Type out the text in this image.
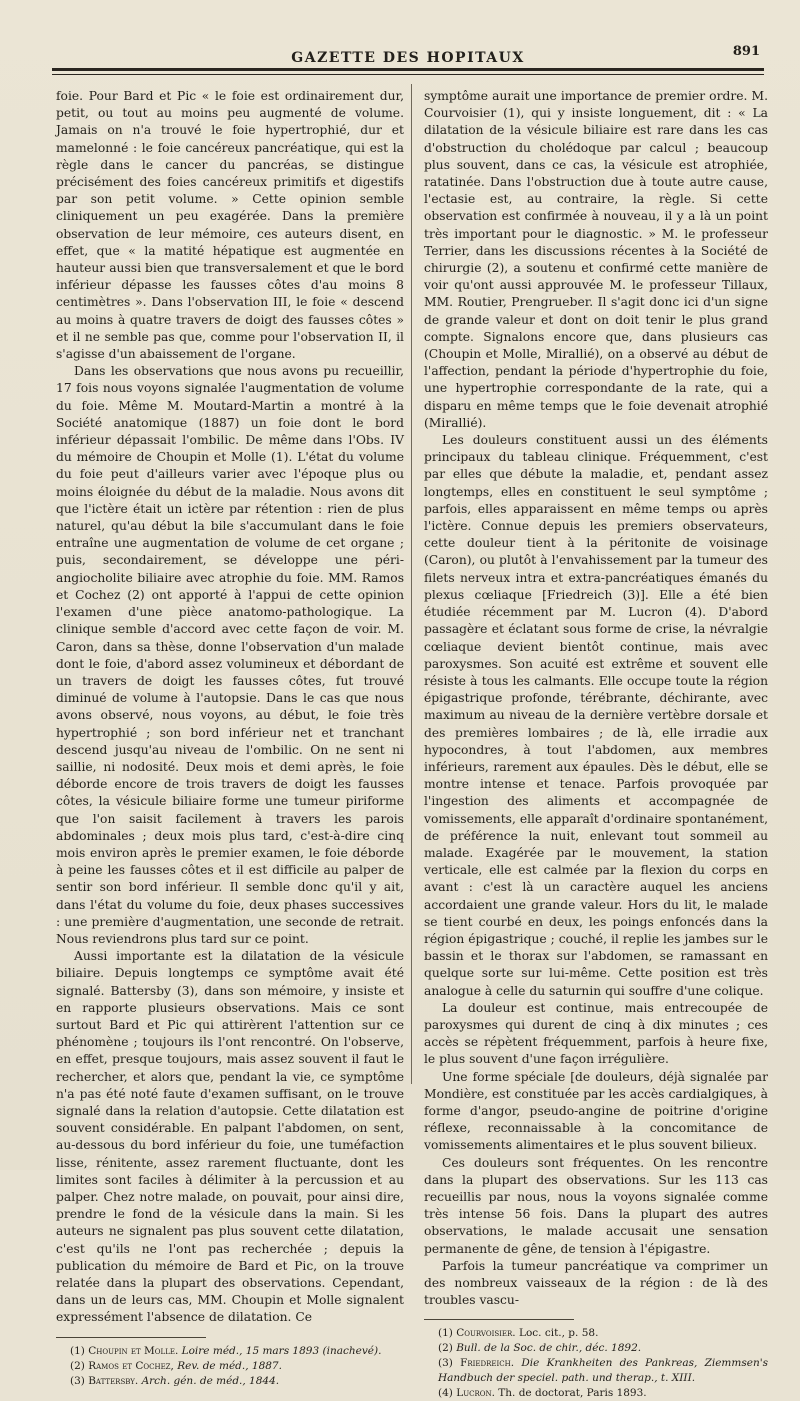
GAZETTE DES HOPITAUX	891

foie. Pour Bard et Pic « le foie est ordinairement dur, petit, ou tout au moins peu augmenté de volume. Jamais on n'a trouvé le foie hypertrophié, dur et mamelonné : le foie cancéreux pancréatique, qui est la règle dans le cancer du pancréas, se distingue précisément des foies cancéreux primitifs et digestifs par son petit volume. » Cette opinion semble cliniquement un peu exagérée. Dans la première observation de leur mémoire, ces auteurs disent, en effet, que « la matité hépatique est augmentée en hauteur aussi bien que transversalement et que le bord inférieur dépasse les fausses côtes d'au moins 8 centimètres ». Dans l'observation III, le foie « descend au moins à quatre travers de doigt des fausses côtes » et il ne semble pas que, comme pour l'observation II, il s'agisse d'un abaissement de l'organe.

Dans les observations que nous avons pu recueillir, 17 fois nous voyons signalée l'augmentation de volume du foie. Même M. Moutard-Martin a montré à la Société anatomique (1887) un foie dont le bord inférieur dépassait l'ombilic. De même dans l'Obs. IV du mémoire de Choupin et Molle (1). L'état du volume du foie peut d'ailleurs varier avec l'époque plus ou moins éloignée du début de la maladie. Nous avons dit que l'ictère était un ictère par rétention : rien de plus naturel, qu'au début la bile s'accumulant dans le foie entraîne une augmentation de volume de cet organe ; puis, secondairement, se développe une péri-angiocholite biliaire avec atrophie du foie. MM. Ramos et Cochez (2) ont apporté à l'appui de cette opinion l'examen d'une pièce anatomo-pathologique. La clinique semble d'accord avec cette façon de voir. M. Caron, dans sa thèse, donne l'observation d'un malade dont le foie, d'abord assez volumineux et débordant de un travers de doigt les fausses côtes, fut trouvé diminué de volume à l'autopsie. Dans le cas que nous avons observé, nous voyons, au début, le foie très hypertrophié ; son bord inférieur net et tranchant descend jusqu'au niveau de l'ombilic. On ne sent ni saillie, ni nodosité. Deux mois et demi après, le foie déborde encore de trois travers de doigt les fausses côtes, la vésicule biliaire forme une tumeur piriforme que l'on saisit facilement à travers les parois abdominales ; deux mois plus tard, c'est-à-dire cinq mois environ après le premier examen, le foie déborde à peine les fausses côtes et il est difficile au palper de sentir son bord inférieur. Il semble donc qu'il y ait, dans l'état du volume du foie, deux phases successives : une première d'augmentation, une seconde de retrait. Nous reviendrons plus tard sur ce point.

Aussi importante est la dilatation de la vésicule biliaire. Depuis longtemps ce symptôme avait été signalé. Battersby (3), dans son mémoire, y insiste et en rapporte plusieurs observations. Mais ce sont surtout Bard et Pic qui attirèrent l'attention sur ce phénomène ; toujours ils l'ont rencontré. On l'observe, en effet, presque toujours, mais assez souvent il faut le rechercher, et alors que, pendant la vie, ce symptôme n'a pas été noté faute d'examen suffisant, on le trouve signalé dans la relation d'autopsie. Cette dilatation est souvent considérable. En palpant l'abdomen, on sent, au-dessous du bord inférieur du foie, une tuméfaction lisse, rénitente, assez rarement fluctuante, dont les limites sont faciles à délimiter à la percussion et au palper. Chez notre malade, on pouvait, pour ainsi dire, prendre le fond de la vésicule dans la main. Si les auteurs ne signalent pas plus souvent cette dilatation, c'est qu'ils ne l'ont pas recherchée ; depuis la publication du mémoire de Bard et Pic, on la trouve relatée dans la plupart des observations. Cependant, dans un de leurs cas, MM. Choupin et Molle signalent expressément l'absence de dilatation. Ce

(1) Choupin et Molle. Loire méd., 15 mars 1893 (inachevé).
(2) Ramos et Cochez, Rev. de méd., 1887.
(3) Battersby. Arch. gén. de méd., 1844.

symptôme aurait une importance de premier ordre. M. Courvoisier (1), qui y insiste longuement, dit : « La dilatation de la vésicule biliaire est rare dans les cas d'obstruction du cholédoque par calcul ; beaucoup plus souvent, dans ce cas, la vésicule est atrophiée, ratatinée. Dans l'obstruction due à toute autre cause, l'ectasie est, au contraire, la règle. Si cette observation est confirmée à nouveau, il y a là un point très important pour le diagnostic. » M. le professeur Terrier, dans les discussions récentes à la Société de chirurgie (2), a soutenu et confirmé cette manière de voir qu'ont aussi approuvée M. le professeur Tillaux, MM. Routier, Prengrueber. Il s'agit donc ici d'un signe de grande valeur et dont on doit tenir le plus grand compte. Signalons encore que, dans plusieurs cas (Choupin et Molle, Mirallié), on a observé au début de l'affection, pendant la période d'hypertrophie du foie, une hypertrophie correspondante de la rate, qui a disparu en même temps que le foie devenait atrophié (Mirallié).

Les douleurs constituent aussi un des éléments principaux du tableau clinique. Fréquemment, c'est par elles que débute la maladie, et, pendant assez longtemps, elles en constituent le seul symptôme ; parfois, elles apparaissent en même temps ou après l'ictère. Connue depuis les premiers observateurs, cette douleur tient à la péritonite de voisinage (Caron), ou plutôt à l'envahissement par la tumeur des filets nerveux intra et extra-pancréatiques émanés du plexus cœliaque [Friedreich (3)]. Elle a été bien étudiée récemment par M. Lucron (4). D'abord passagère et éclatant sous forme de crise, la névralgie cœliaque devient bientôt continue, mais avec paroxysmes. Son acuité est extrême et souvent elle résiste à tous les calmants. Elle occupe toute la région épigastrique profonde, térébrante, déchirante, avec maximum au niveau de la dernière vertèbre dorsale et des premières lombaires ; de là, elle irradie aux hypocondres, à tout l'abdomen, aux membres inférieurs, rarement aux épaules. Dès le début, elle se montre intense et tenace. Parfois provoquée par l'ingestion des aliments et accompagnée de vomissements, elle apparaît d'ordinaire spontanément, de préférence la nuit, enlevant tout sommeil au malade. Exagérée par le mouvement, la station verticale, elle est calmée par la flexion du corps en avant : c'est là un caractère auquel les anciens accordaient une grande valeur. Hors du lit, le malade se tient courbé en deux, les poings enfoncés dans la région épigastrique ; couché, il replie les jambes sur le bassin et le thorax sur l'abdomen, se ramassant en quelque sorte sur lui-même. Cette position est très analogue à celle du saturnin qui souffre d'une colique.

La douleur est continue, mais entrecoupée de paroxysmes qui durent de cinq à dix minutes ; ces accès se répètent fréquemment, parfois à heure fixe, le plus souvent d'une façon irrégulière.

Une forme spéciale [de douleurs, déjà signalée par Mondière, est constituée par les accès cardialgiques, à forme d'angor, pseudo-angine de poitrine d'origine réflexe, reconnaissable à la concomitance de vomissements alimentaires et le plus souvent bilieux.

Ces douleurs sont fréquentes. On les rencontre dans la plupart des observations. Sur les 113 cas recueillis par nous, nous la voyons signalée comme très intense 56 fois. Dans la plupart des autres observations, le malade accusait une sensation permanente de gêne, de tension à l'épigastre.

Parfois la tumeur pancréatique va comprimer un des nombreux vaisseaux de la région : de là des troubles vascu-

(1) Courvoisier. Loc. cit., p. 58.
(2) Bull. de la Soc. de chir., déc. 1892.
(3) Friedreich. Die Krankheiten des Pankreas, Ziemmsen's Handbuch der speciel. path. und therap., t. XIII.
(4) Lucron. Th. de doctorat, Paris 1893.
